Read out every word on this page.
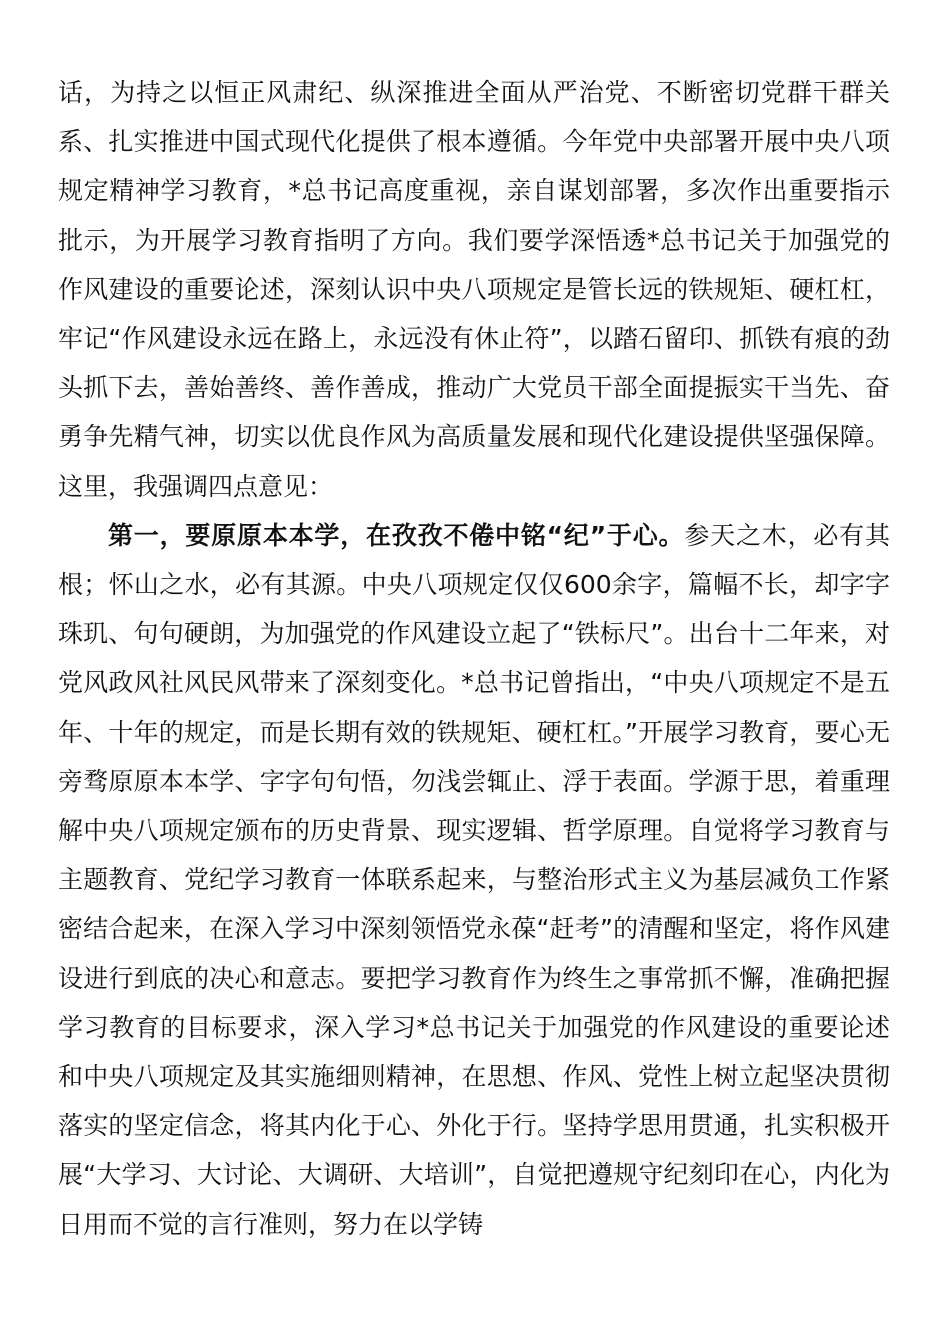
话，为持之以恒正风肃纪、纵深推进全面从严治党、不断密切党群干群关系、扎实推进中国式现代化提供了根本遵循。今年党中央部署开展中央八项规定精神学习教育，*总书记高度重视，亲自谋划部署，多次作出重要指示批示，为开展学习教育指明了方向。我们要学深悟透*总书记关于加强党的作风建设的重要论述，深刻认识中央八项规定是管长远的铁规矩、硬杠杠，牢记“作风建设永远在路上，永远没有休止符”，以踏石留印、抓铁有痕的劲头抓下去，善始善终、善作善成，推动广大党员干部全面提振实干当先、奋勇争先精气神，切实以优良作风为高质量发展和现代化建设提供坚强保障。这里，我强调四点意见：

第一，要原原本本学，在孜孜不倦中铭“纪”于心。参天之木，必有其根；怀山之水，必有其源。中央八项规定仅仅600余字，篇幅不长，却字字珠玑、句句硬朗，为加强党的作风建设立起了“铁标尺”。出台十二年来，对党风政风社风民风带来了深刻变化。*总书记曾指出，“中央八项规定不是五年、十年的规定，而是长期有效的铁规矩、硬杠杠。”开展学习教育，要心无旁骛原原本本学、字字句句悟，勿浅尝辄止、浮于表面。学源于思，着重理解中央八项规定颁布的历史背景、现实逻辑、哲学原理。自觉将学习教育与主题教育、党纪学习教育一体联系起来，与整治形式主义为基层减负工作紧密结合起来，在深入学习中深刻领悟党永葆“赶考”的清醒和坚定，将作风建设进行到底的决心和意志。要把学习教育作为终生之事常抓不懈，准确把握学习教育的目标要求，深入学习*总书记关于加强党的作风建设的重要论述和中央八项规定及其实施细则精神，在思想、作风、党性上树立起坚决贯彻落实的坚定信念，将其内化于心、外化于行。坚持学思用贯通，扎实积极开展“大学习、大讨论、大调研、大培训”，自觉把遵规守纪刻印在心，内化为日用而不觉的言行准则，努力在以学铸
